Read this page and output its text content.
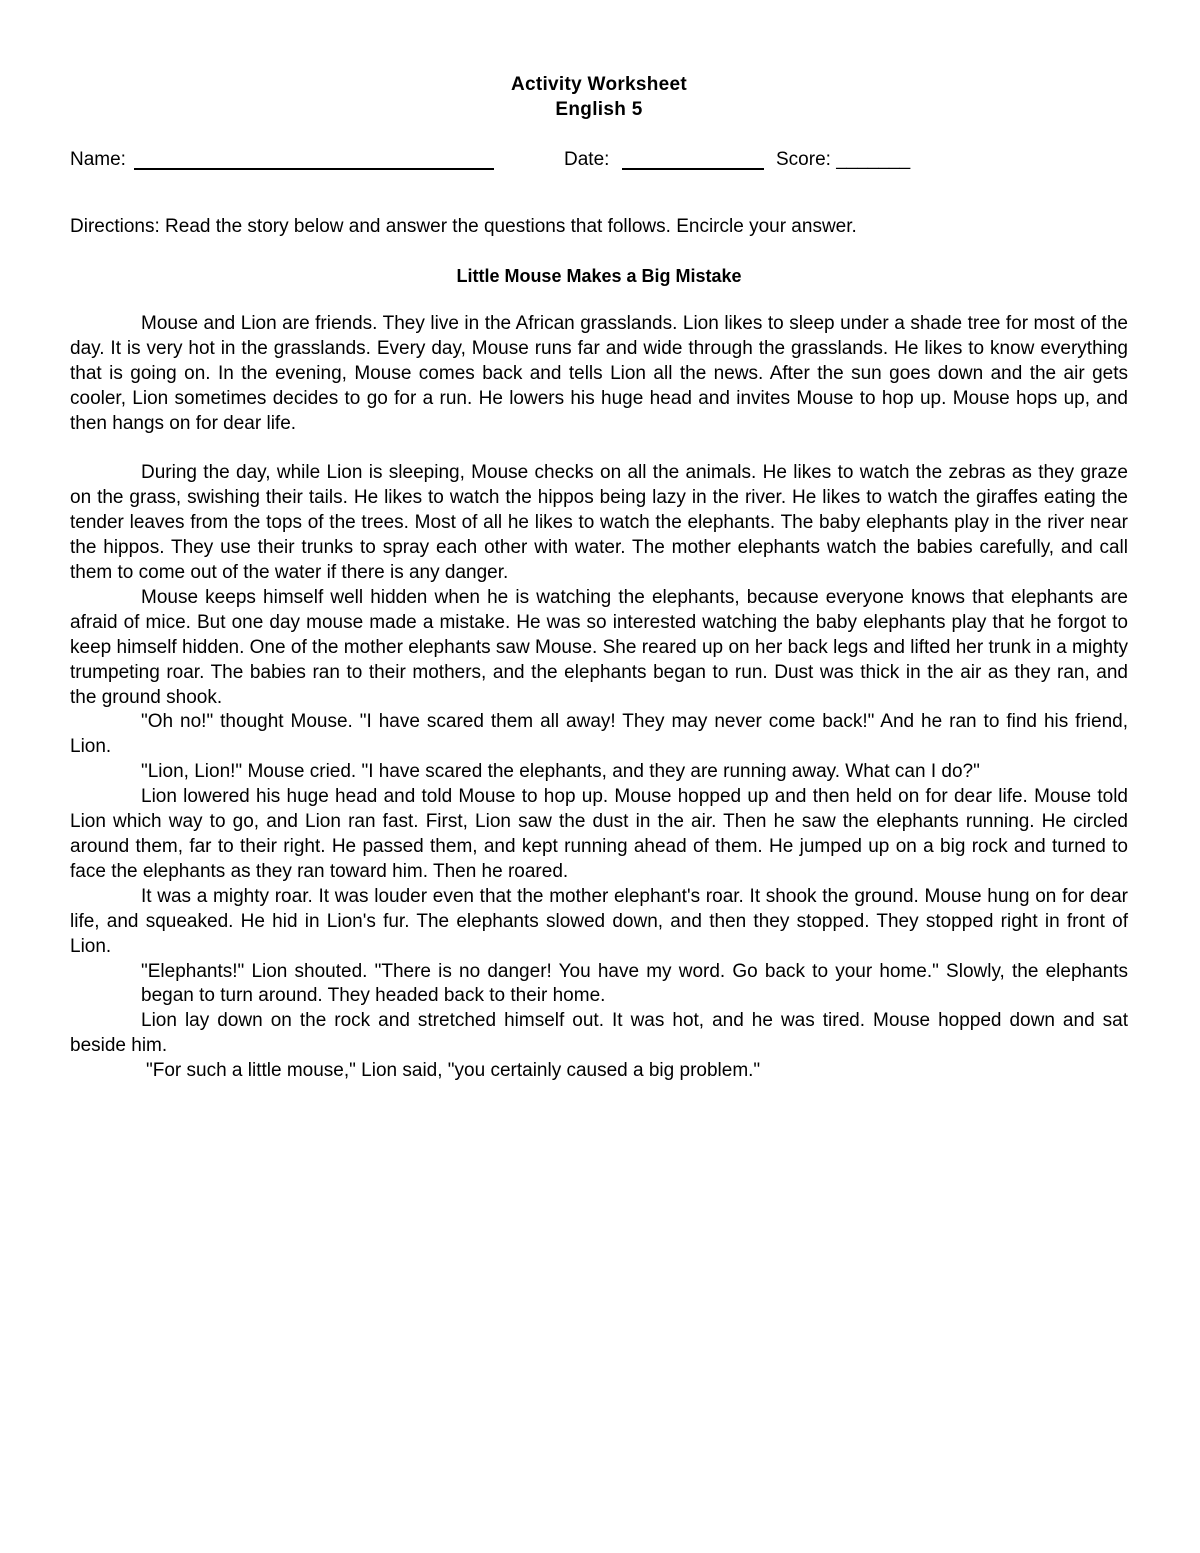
Activity Worksheet
English 5
Name:	Date:	Score: _______
Directions: Read the story below and answer the questions that follows. Encircle your answer.
Little Mouse Makes a Big Mistake

Mouse and Lion are friends. They live in the African grasslands. Lion likes to sleep under a shade tree for most of the day. It is very hot in the grasslands. Every day, Mouse runs far and wide through the grasslands. He likes to know everything that is going on. In the evening, Mouse comes back and tells Lion all the news. After the sun goes down and the air gets cooler, Lion sometimes decides to go for a run. He lowers his huge head and invites Mouse to hop up. Mouse hops up, and then hangs on for dear life.

During the day, while Lion is sleeping, Mouse checks on all the animals. He likes to watch the zebras as they graze on the grass, swishing their tails. He likes to watch the hippos being lazy in the river. He likes to watch the giraffes eating the tender leaves from the tops of the trees. Most of all he likes to watch the elephants. The baby elephants play in the river near the hippos. They use their trunks to spray each other with water. The mother elephants watch the babies carefully, and call them to come out of the water if there is any danger.

Mouse keeps himself well hidden when he is watching the elephants, because everyone knows that elephants are afraid of mice. But one day mouse made a mistake. He was so interested watching the baby elephants play that he forgot to keep himself hidden. One of the mother elephants saw Mouse. She reared up on her back legs and lifted her trunk in a mighty trumpeting roar. The babies ran to their mothers, and the elephants began to run. Dust was thick in the air as they ran, and the ground shook.

"Oh no!" thought Mouse. "I have scared them all away! They may never come back!" And he ran to find his friend, Lion.

"Lion, Lion!" Mouse cried. "I have scared the elephants, and they are running away. What can I do?"

Lion lowered his huge head and told Mouse to hop up. Mouse hopped up and then held on for dear life. Mouse told Lion which way to go, and Lion ran fast. First, Lion saw the dust in the air. Then he saw the elephants running. He circled around them, far to their right. He passed them, and kept running ahead of them. He jumped up on a big rock and turned to face the elephants as they ran toward him. Then he roared.

It was a mighty roar. It was louder even that the mother elephant's roar. It shook the ground. Mouse hung on for dear life, and squeaked. He hid in Lion's fur. The elephants slowed down, and then they stopped. They stopped right in front of Lion.

"Elephants!" Lion shouted. "There is no danger! You have my word. Go back to your home." Slowly, the elephants began to turn around. They headed back to their home.

Lion lay down on the rock and stretched himself out. It was hot, and he was tired. Mouse hopped down and sat beside him.

"For such a little mouse," Lion said, "you certainly caused a big problem."
